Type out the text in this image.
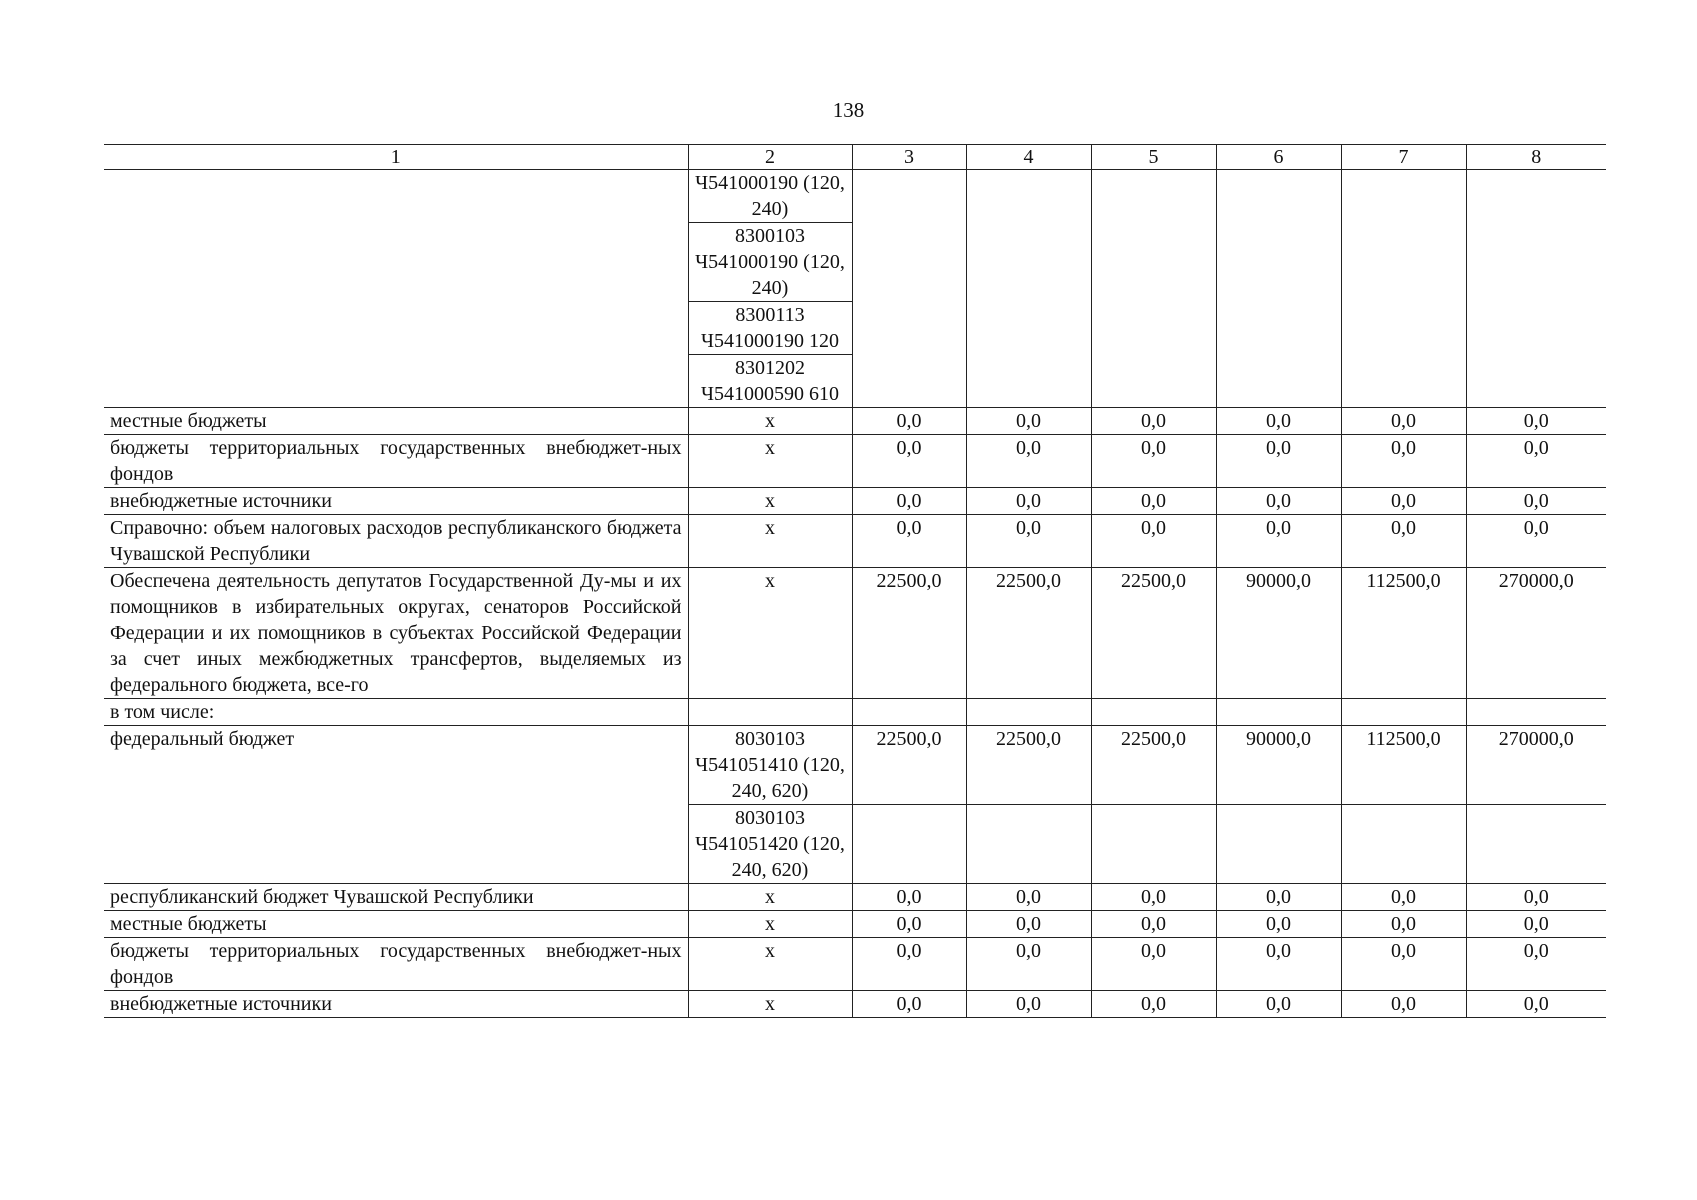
138
1	2	3	4	5	6	7	8
	Ч541000190 (120, 240)						
	8300103 Ч541000190 (120, 240)						
	8300113 Ч541000190 120						
	8301202 Ч541000590 610						
местные бюджеты	x	0,0	0,0	0,0	0,0	0,0	0,0
бюджеты территориальных государственных внебюджет-ных фондов	x	0,0	0,0	0,0	0,0	0,0	0,0
внебюджетные источники	x	0,0	0,0	0,0	0,0	0,0	0,0
Справочно: объем налоговых расходов республиканского бюджета Чувашской Республики	x	0,0	0,0	0,0	0,0	0,0	0,0
Обеспечена деятельность депутатов Государственной Ду-мы и их помощников в избирательных округах, сенаторов Российской Федерации и их помощников в субъектах Российской Федерации за счет иных межбюджетных трансфертов, выделяемых из федерального бюджета, все-го	x	22500,0	22500,0	22500,0	90000,0	112500,0	270000,0
в том числе:							
федеральный бюджет	8030103 Ч541051410 (120, 240, 620)	22500,0	22500,0	22500,0	90000,0	112500,0	270000,0
	8030103 Ч541051420 (120, 240, 620)						
республиканский бюджет Чувашской Республики	x	0,0	0,0	0,0	0,0	0,0	0,0
местные бюджеты	x	0,0	0,0	0,0	0,0	0,0	0,0
бюджеты территориальных государственных внебюджет-ных фондов	x	0,0	0,0	0,0	0,0	0,0	0,0
внебюджетные источники	x	0,0	0,0	0,0	0,0	0,0	0,0
